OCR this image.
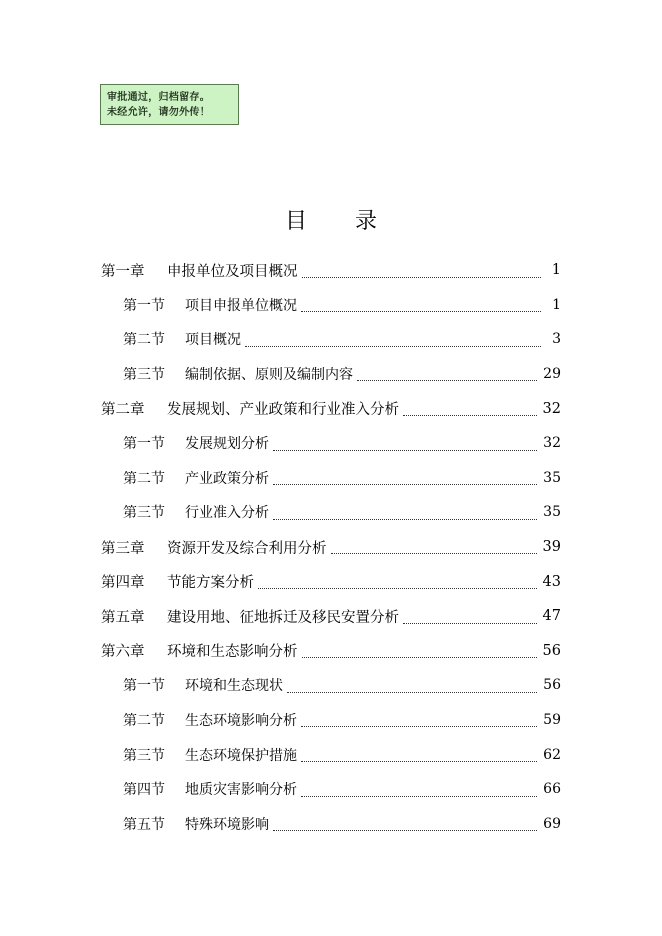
审批通过，归档留存。
未经允许，请勿外传！
目录
第一章	申报单位及项目概况	1
第一节	项目申报单位概况	1
第二节	项目概况	3
第三节	编制依据、原则及编制内容	29
第二章	发展规划、产业政策和行业准入分析	32
第一节	发展规划分析	32
第二节	产业政策分析	35
第三节	行业准入分析	35
第三章	资源开发及综合利用分析	39
第四章	节能方案分析	43
第五章	建设用地、征地拆迁及移民安置分析	47
第六章	环境和生态影响分析	56
第一节	环境和生态现状	56
第二节	生态环境影响分析	59
第三节	生态环境保护措施	62
第四节	地质灾害影响分析	66
第五节	特殊环境影响	69
